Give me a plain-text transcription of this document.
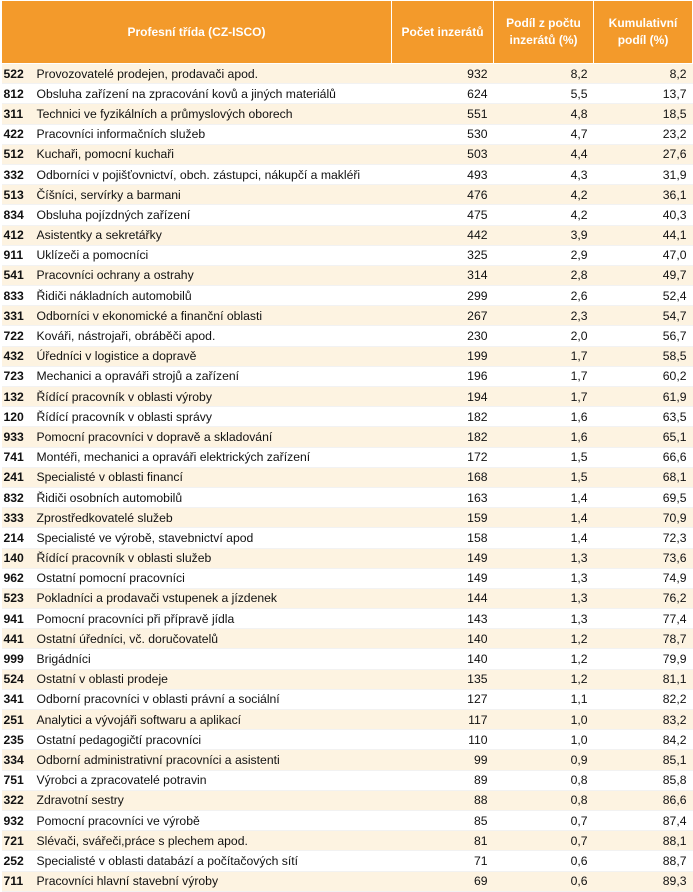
Profesní třída (CZ-ISCO)		Počet inzerátů	Podíl z počtu inzerátů (%)	Kumulativní podíl (%)
522	Provozovatelé prodejen, prodavači apod.	932	8,2	8,2
812	Obsluha zařízení na zpracování kovů a jiných materiálů	624	5,5	13,7
311	Technici ve fyzikálních a průmyslových oborech	551	4,8	18,5
422	Pracovníci informačních služeb	530	4,7	23,2
512	Kuchaři, pomocní kuchaři	503	4,4	27,6
332	Odborníci v pojišťovnictví, obch. zástupci, nákupčí a makléři	493	4,3	31,9
513	Číšníci, servírky a barmani	476	4,2	36,1
834	Obsluha pojízdných zařízení	475	4,2	40,3
412	Asistentky a sekretářky	442	3,9	44,1
911	Uklízeči a pomocníci	325	2,9	47,0
541	Pracovníci ochrany a ostrahy	314	2,8	49,7
833	Řidiči nákladních automobilů	299	2,6	52,4
331	Odborníci v ekonomické a finanční oblasti	267	2,3	54,7
722	Kováři, nástrojaři, obráběči apod.	230	2,0	56,7
432	Úředníci v logistice a dopravě	199	1,7	58,5
723	Mechanici a opraváři strojů a zařízení	196	1,7	60,2
132	Řídící pracovník v oblasti výroby	194	1,7	61,9
120	Řídící pracovník v oblasti správy	182	1,6	63,5
933	Pomocní pracovníci v dopravě a skladování	182	1,6	65,1
741	Montéři, mechanici a opraváři elektrických zařízení	172	1,5	66,6
241	Specialisté v oblasti financí	168	1,5	68,1
832	Řidiči osobních automobilů	163	1,4	69,5
333	Zprostředkovatelé služeb	159	1,4	70,9
214	Specialisté ve výrobě, stavebnictví apod	158	1,4	72,3
140	Řídící pracovník v oblasti služeb	149	1,3	73,6
962	Ostatní pomocní pracovníci	149	1,3	74,9
523	Pokladníci a prodavači vstupenek a jízdenek	144	1,3	76,2
941	Pomocní pracovníci při přípravě jídla	143	1,3	77,4
441	Ostatní úředníci, vč. doručovatelů	140	1,2	78,7
999	Brigádníci	140	1,2	79,9
524	Ostatní v oblasti prodeje	135	1,2	81,1
341	Odborní pracovníci v oblasti právní a sociální	127	1,1	82,2
251	Analytici a vývojáři softwaru a aplikací	117	1,0	83,2
235	Ostatní pedagogičtí pracovníci	110	1,0	84,2
334	Odborní administrativní pracovníci a asistenti	99	0,9	85,1
751	Výrobci a zpracovatelé potravin	89	0,8	85,8
322	Zdravotní sestry	88	0,8	86,6
932	Pomocní pracovníci ve výrobě	85	0,7	87,4
721	Slévači, svářeči,práce s plechem apod.	81	0,7	88,1
252	Specialisté v oblasti databází a počítačových sítí	71	0,6	88,7
711	Pracovníci hlavní stavební výroby	69	0,6	89,3
